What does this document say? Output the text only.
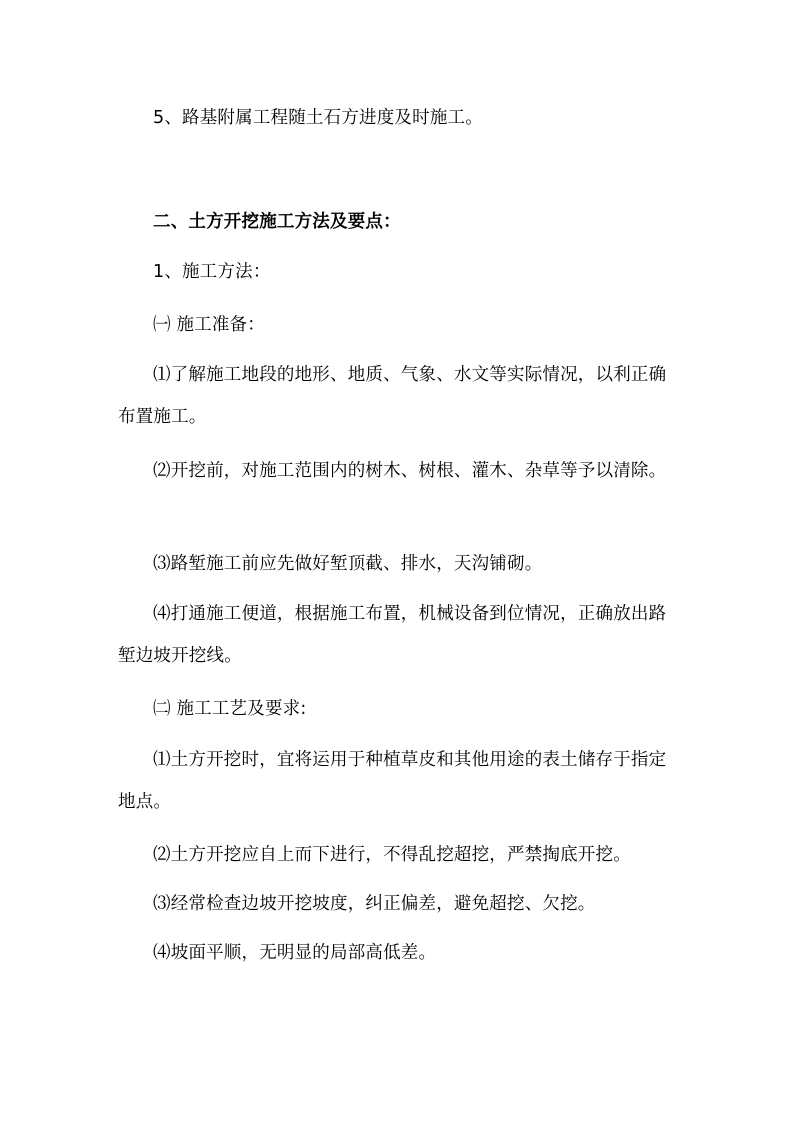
5、路基附属工程随土石方进度及时施工。

二、土方开挖施工方法及要点：

1、施工方法：

㈠ 施工准备：

⑴了解施工地段的地形、地质、气象、水文等实际情况，以利正确布置施工。

⑵开挖前，对施工范围内的树木、树根、灌木、杂草等予以清除。

⑶路堑施工前应先做好堑顶截、排水，天沟铺砌。

⑷打通施工便道，根据施工布置，机械设备到位情况，正确放出路堑边坡开挖线。

㈡ 施工工艺及要求:

⑴土方开挖时，宜将运用于种植草皮和其他用途的表土储存于指定地点。

⑵土方开挖应自上而下进行，不得乱挖超挖，严禁掏底开挖。

⑶经常检查边坡开挖坡度，纠正偏差，避免超挖、欠挖。

⑷坡面平顺，无明显的局部高低差。
